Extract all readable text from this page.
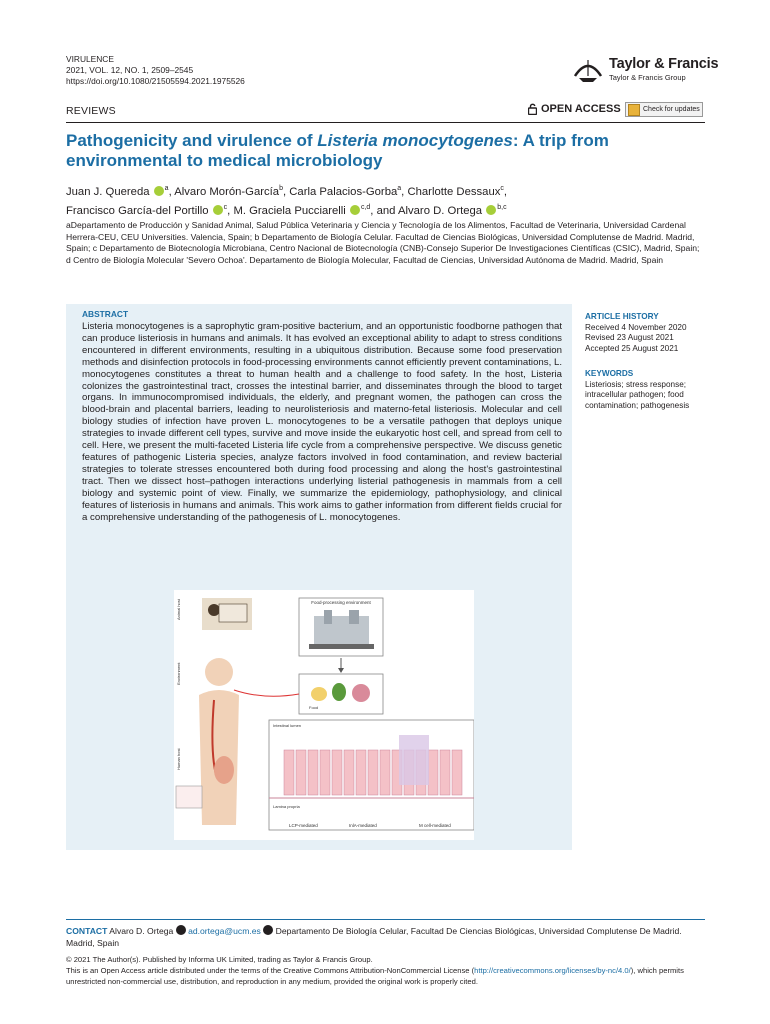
VIRULENCE
2021, VOL. 12, NO. 1, 2509–2545
https://doi.org/10.1080/21505594.2021.1975526
Taylor & Francis
Taylor & Francis Group
REVIEWS	OPEN ACCESS	Check for updates
Pathogenicity and virulence of Listeria monocytogenes: A trip from environmental to medical microbiology
Juan J. Quereda $^a$, Alvaro Morón-García$^b$, Carla Palacios-Gorba$^a$, Charlotte Dessaux$^c$,
Francisco García-del Portillo $^c$, M. Graciela Pucciarelli $^{c,d}$, and Alvaro D. Ortega $^{b,c}$
aDepartamento de Producción y Sanidad Animal, Salud Pública Veterinaria y Ciencia y Tecnología de los Alimentos, Facultad de Veterinaria, Universidad Cardenal Herrera-CEU, CEU Universities. Valencia, Spain; b Departamento de Biología Celular. Facultad de Ciencias Biológicas, Universidad Complutense de Madrid. Madrid, Spain; c Departamento de Biotecnología Microbiana, Centro Nacional de Biotecnología (CNB)-Consejo Superior De Investigaciones Científicas (CSIC), Madrid, Spain; d Centro de Biología Molecular 'Severo Ochoa'. Departamento de Biología Molecular, Facultad de Ciencias, Universidad Autónoma de Madrid. Madrid, Spain
ABSTRACT
Listeria monocytogenes is a saprophytic gram-positive bacterium, and an opportunistic foodborne pathogen that can produce listeriosis in humans and animals. It has evolved an exceptional ability to adapt to stress conditions encountered in different environments, resulting in a ubiquitous distribution. Because some food preservation methods and disinfection protocols in food-processing environments cannot efficiently prevent contaminations, L. monocytogenes constitutes a threat to human health and a challenge to food safety. In the host, Listeria colonizes the gastrointestinal tract, crosses the intestinal barrier, and disseminates through the blood to target organs. In immunocompromised individuals, the elderly, and pregnant women, the pathogen can cross the blood-brain and placental barriers, leading to neurolisteriosis and materno-fetal listeriosis. Molecular and cell biology studies of infection have proven L. monocytogenes to be a versatile pathogen that deploys unique strategies to invade different cell types, survive and move inside the eukaryotic host cell, and spread from cell to cell. Here, we present the multi-faceted Listeria life cycle from a comprehensive perspective. We discuss genetic features of pathogenic Listeria species, analyze factors involved in food contamination, and review bacterial strategies to tolerate stresses encountered both during food processing and along the host's gastrointestinal tract. Then we dissect host–pathogen interactions underlying listerial pathogenesis in mammals from a cell biology and systemic point of view. Finally, we summarize the epidemiology, pathophysiology, and clinical features of listeriosis in humans and animals. This work aims to gather information from different fields crucial for a comprehensive understanding of the pathogenesis of L. monocytogenes.
ARTICLE HISTORY
Received 4 November 2020
Revised 23 August 2021
Accepted 25 August 2021
KEYWORDS
Listeriosis; stress response; intracellular pathogen; food contamination; pathogenesis
Food-processing environment
Food
Animal host
Environment
Human host
Intestinal lumen
Lamina propria
LCP-mediated	InlA-mediated	M cell-mediated
CONTACT Alvaro D. Ortega ad.ortega@ucm.es Departamento De Biología Celular, Facultad De Ciencias Biológicas, Universidad Complutense De Madrid. Madrid, Spain
© 2021 The Author(s). Published by Informa UK Limited, trading as Taylor & Francis Group.
This is an Open Access article distributed under the terms of the Creative Commons Attribution-NonCommercial License (http://creativecommons.org/licenses/by-nc/4.0/), which permits unrestricted non-commercial use, distribution, and reproduction in any medium, provided the original work is properly cited.
